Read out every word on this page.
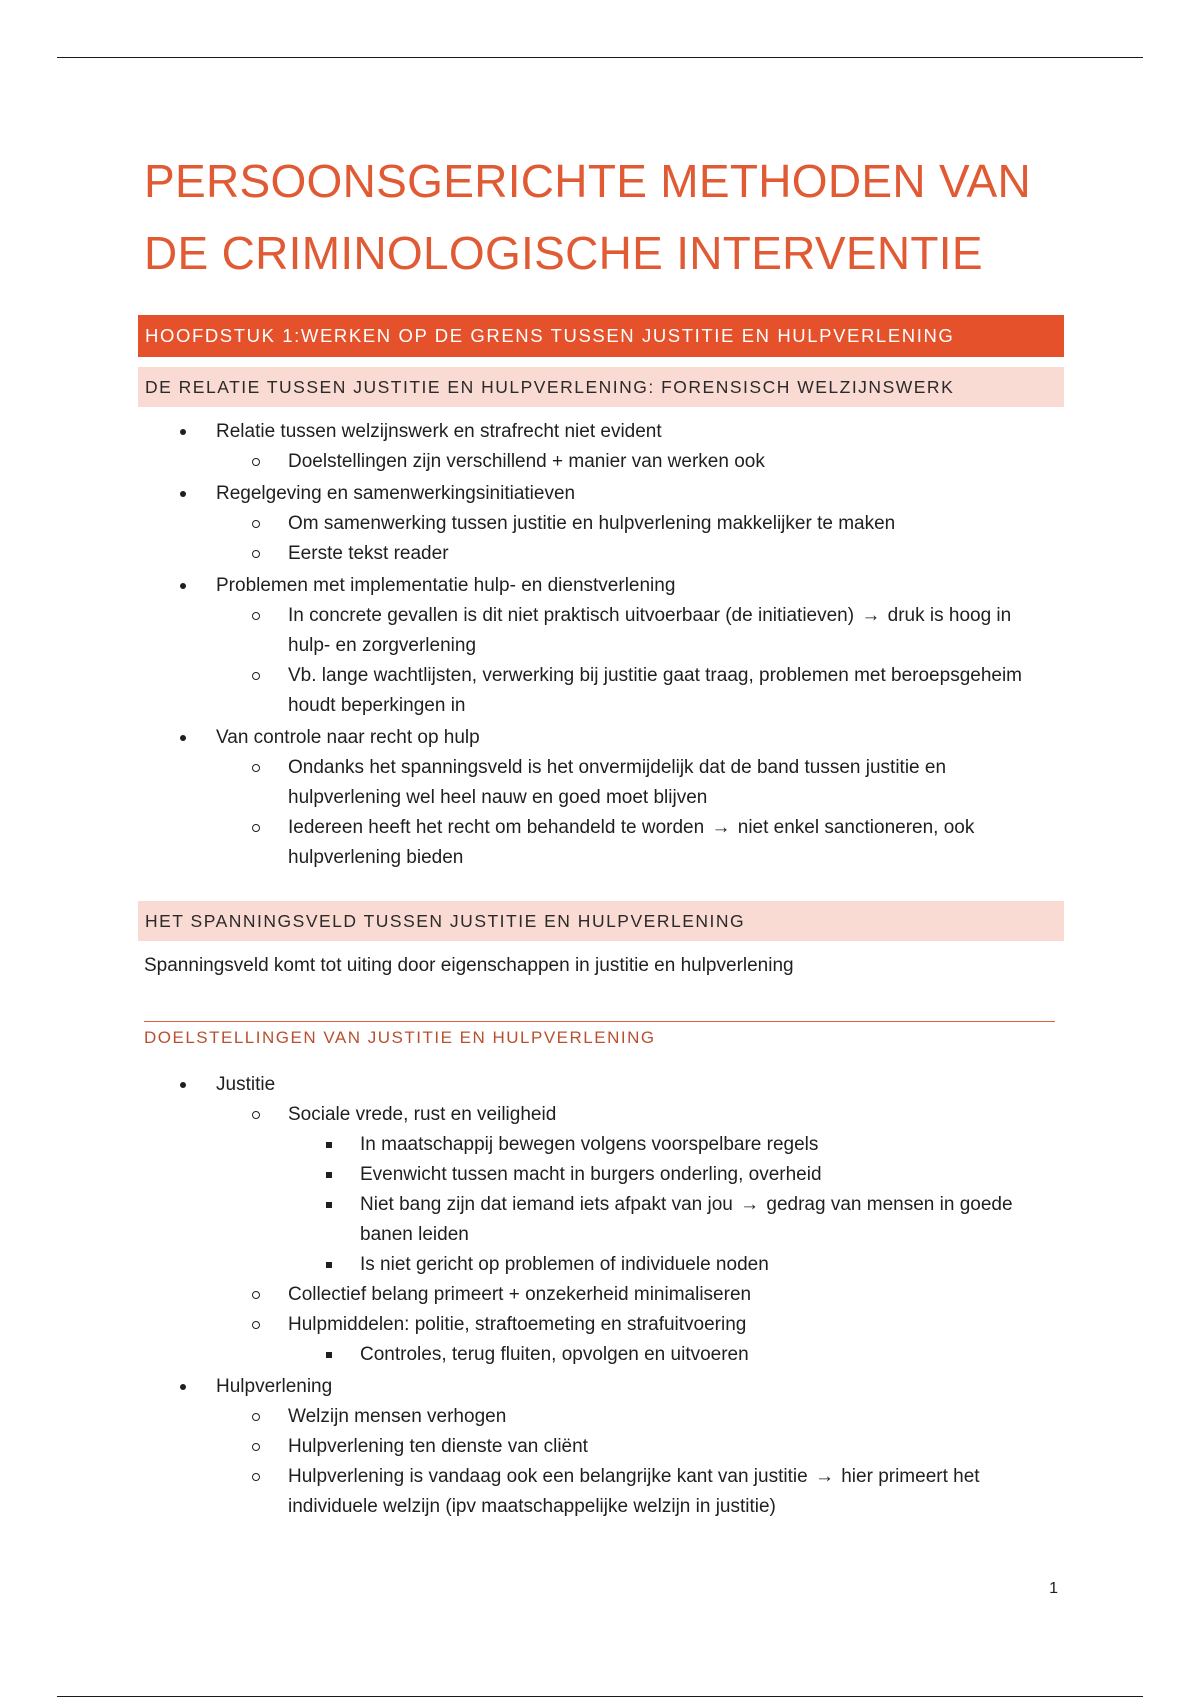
PERSOONSGERICHTE METHODEN VAN
DE CRIMINOLOGISCHE INTERVENTIE
HOOFDSTUK 1:WERKEN OP DE GRENS TUSSEN JUSTITIE EN HULPVERLENING
DE RELATIE TUSSEN JUSTITIE EN HULPVERLENING: FORENSISCH WELZIJNSWERK
Relatie tussen welzijnswerk en strafrecht niet evident
Doelstellingen zijn verschillend + manier van werken ook
Regelgeving en samenwerkingsinitiatieven
Om samenwerking tussen justitie en hulpverlening makkelijker te maken
Eerste tekst reader
Problemen met implementatie hulp- en dienstverlening
In concrete gevallen is dit niet praktisch uitvoerbaar (de initiatieven) → druk is hoog in hulp- en zorgverlening
Vb. lange wachtlijsten, verwerking bij justitie gaat traag, problemen met beroepsgeheim houdt beperkingen in
Van controle naar recht op hulp
Ondanks het spanningsveld is het onvermijdelijk dat de band tussen justitie en hulpverlening wel heel nauw en goed moet blijven
Iedereen heeft het recht om behandeld te worden → niet enkel sanctioneren, ook hulpverlening bieden
HET SPANNINGSVELD TUSSEN JUSTITIE EN HULPVERLENING

Spanningsveld komt tot uiting door eigenschappen in justitie en hulpverlening

DOELSTELLINGEN VAN JUSTITIE EN HULPVERLENING
Justitie
Sociale vrede, rust en veiligheid
In maatschappij bewegen volgens voorspelbare regels
Evenwicht tussen macht in burgers onderling, overheid
Niet bang zijn dat iemand iets afpakt van jou → gedrag van mensen in goede banen leiden
Is niet gericht op problemen of individuele noden
Collectief belang primeert + onzekerheid minimaliseren
Hulpmiddelen: politie, straftoemeting en strafuitvoering
Controles, terug fluiten, opvolgen en uitvoeren
Hulpverlening
Welzijn mensen verhogen
Hulpverlening ten dienste van cliënt
Hulpverlening is vandaag ook een belangrijke kant van justitie → hier primeert het individuele welzijn (ipv maatschappelijke welzijn in justitie)
1
